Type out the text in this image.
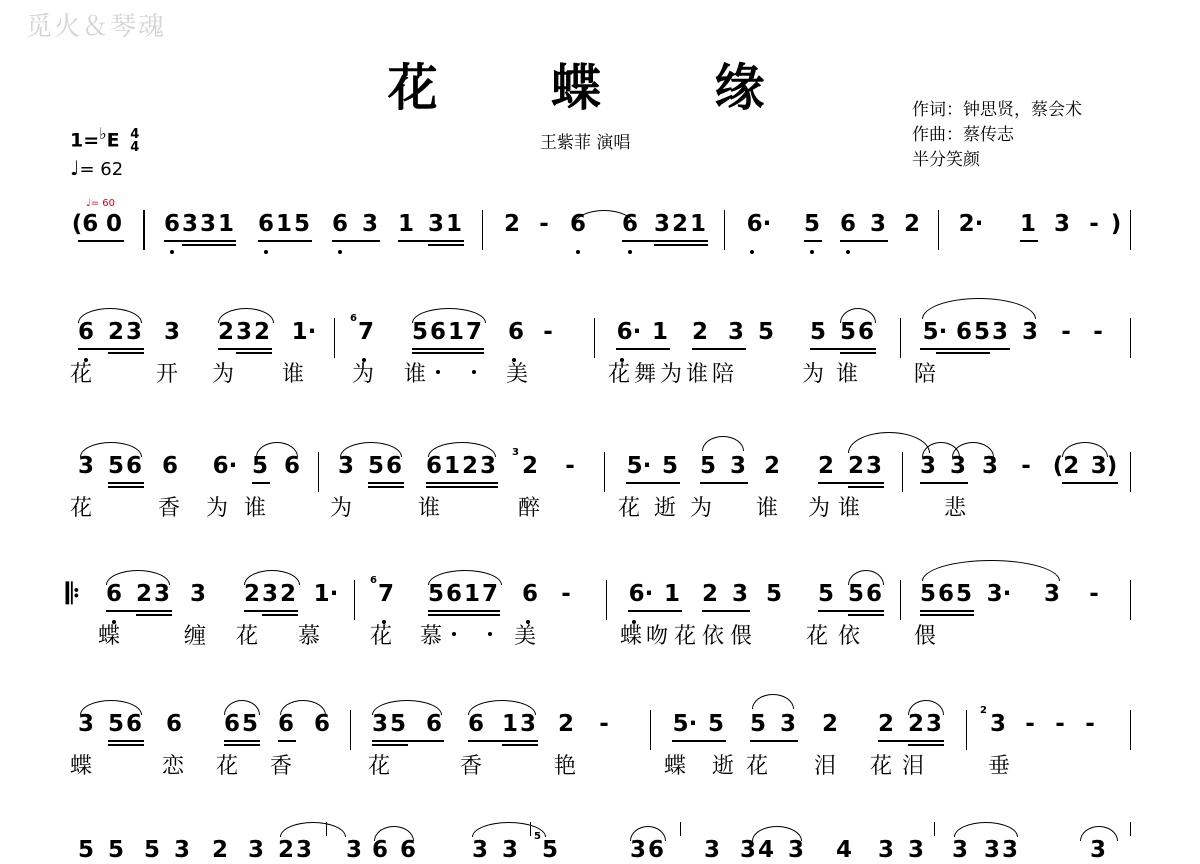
觅火＆琴魂
花 蝶 缘
王紫菲 演唱
作词：钟思贤，蔡会术
作曲：蔡传志
半分笑颜
1=♭E 4
4
♩= 62
♩= 60
(6 0 6 3 3 1 6 1 5 6 3 1 3 1 2 - 6 6 3 2 1 6· 5 6 3 2 2· 1 3 - )
6 2 3 3 2 3 2 1·
6
7 5 6 1 7 6 -	6· 1 2 3 5 5 5 6 5· 6 5 3 3 - -
花	开 为 谁 为 谁	美	花 舞 为 谁 陪	为 谁	陪
3 5 6 6 6· 5 6 3 5 6 6 1 2 3
3
2 - 5· 5 5 3 2 2 2 3 3 3 3 - (2 3)
花	香 为 谁	为	谁	醉	花 逝 为 谁 为 谁	悲
𝄆 6 2 3 3 2 3 2 1·
6
7 5 6 1 7 6 -	6· 1 2 3 5 5 5 6 5 6 5 3· 3 -
蝶	缠 花 慕 花 慕	美	蝶 吻 花 依 偎 花 依 偎
3 5 6 6 6 5 6 6 3 5 6 6 1 3 2 -	5· 5 5 3 2 2 2 3
2
3 - - -
蝶	恋 花 香	花	香	艳	蝶 逝 花 泪 花 泪	垂
5 5 5 3 2 3 2 3 3 6 6 3 3
5
5	3 6 3 3 4 3 4 3 3 3 3 3	3
